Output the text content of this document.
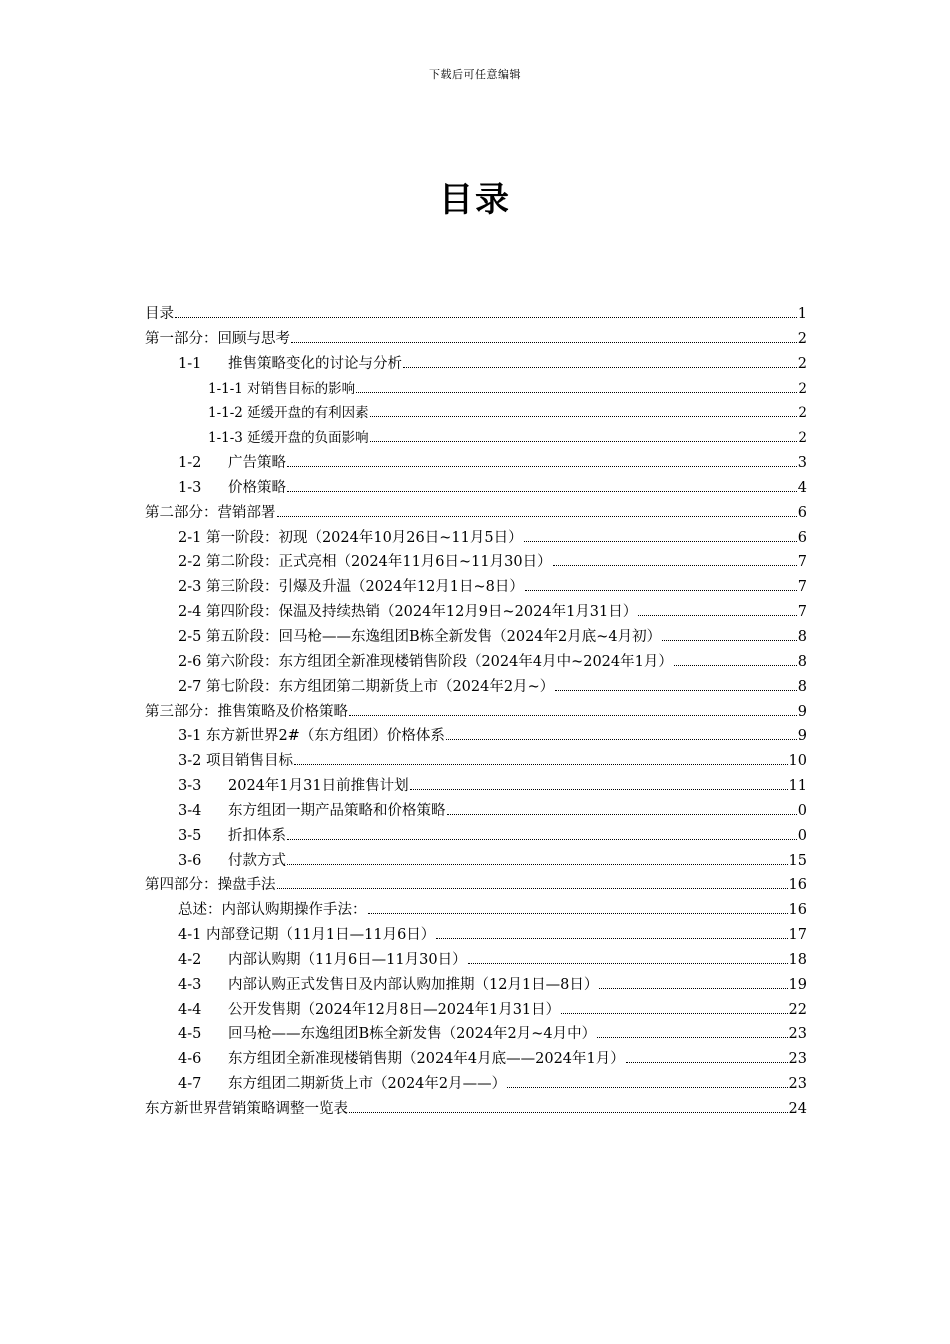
下载后可任意编辑
目录
目录	1
第一部分：回顾与思考	2
1-1	推售策略变化的讨论与分析	2
1-1-1 对销售目标的影响	2
1-1-2 延缓开盘的有利因素	2
1-1-3 延缓开盘的负面影响	2
1-2	广告策略	3
1-3	价格策略	4
第二部分：营销部署	6
2-1 第一阶段：初现（2024年10月26日~11月5日）	6
2-2 第二阶段：正式亮相（2024年11月6日~11月30日）	7
2-3 第三阶段：引爆及升温（2024年12月1日~8日）	7
2-4 第四阶段：保温及持续热销（2024年12月9日~2024年1月31日）	7
2-5 第五阶段：回马枪——东逸组团B栋全新发售（2024年2月底~4月初）	8
2-6 第六阶段：东方组团全新准现楼销售阶段（2024年4月中~2024年1月）	8
2-7 第七阶段：东方组团第二期新货上市（2024年2月~）	8
第三部分：推售策略及价格策略	9
3-1 东方新世界2#（东方组团）价格体系	9
3-2 项目销售目标	10
3-3	2024年1月31日前推售计划	11
3-4	东方组团一期产品策略和价格策略	0
3-5	折扣体系	0
3-6	付款方式	15
第四部分：操盘手法	16
总述：内部认购期操作手法：	16
4-1 内部登记期（11月1日—11月6日）	17
4-2	内部认购期（11月6日—11月30日）	18
4-3	内部认购正式发售日及内部认购加推期（12月1日—8日）	19
4-4	公开发售期（2024年12月8日—2024年1月31日）	22
4-5	回马枪——东逸组团B栋全新发售（2024年2月~4月中）	23
4-6	东方组团全新准现楼销售期（2024年4月底——2024年1月）	23
4-7	东方组团二期新货上市（2024年2月——）	23
东方新世界营销策略调整一览表	24
